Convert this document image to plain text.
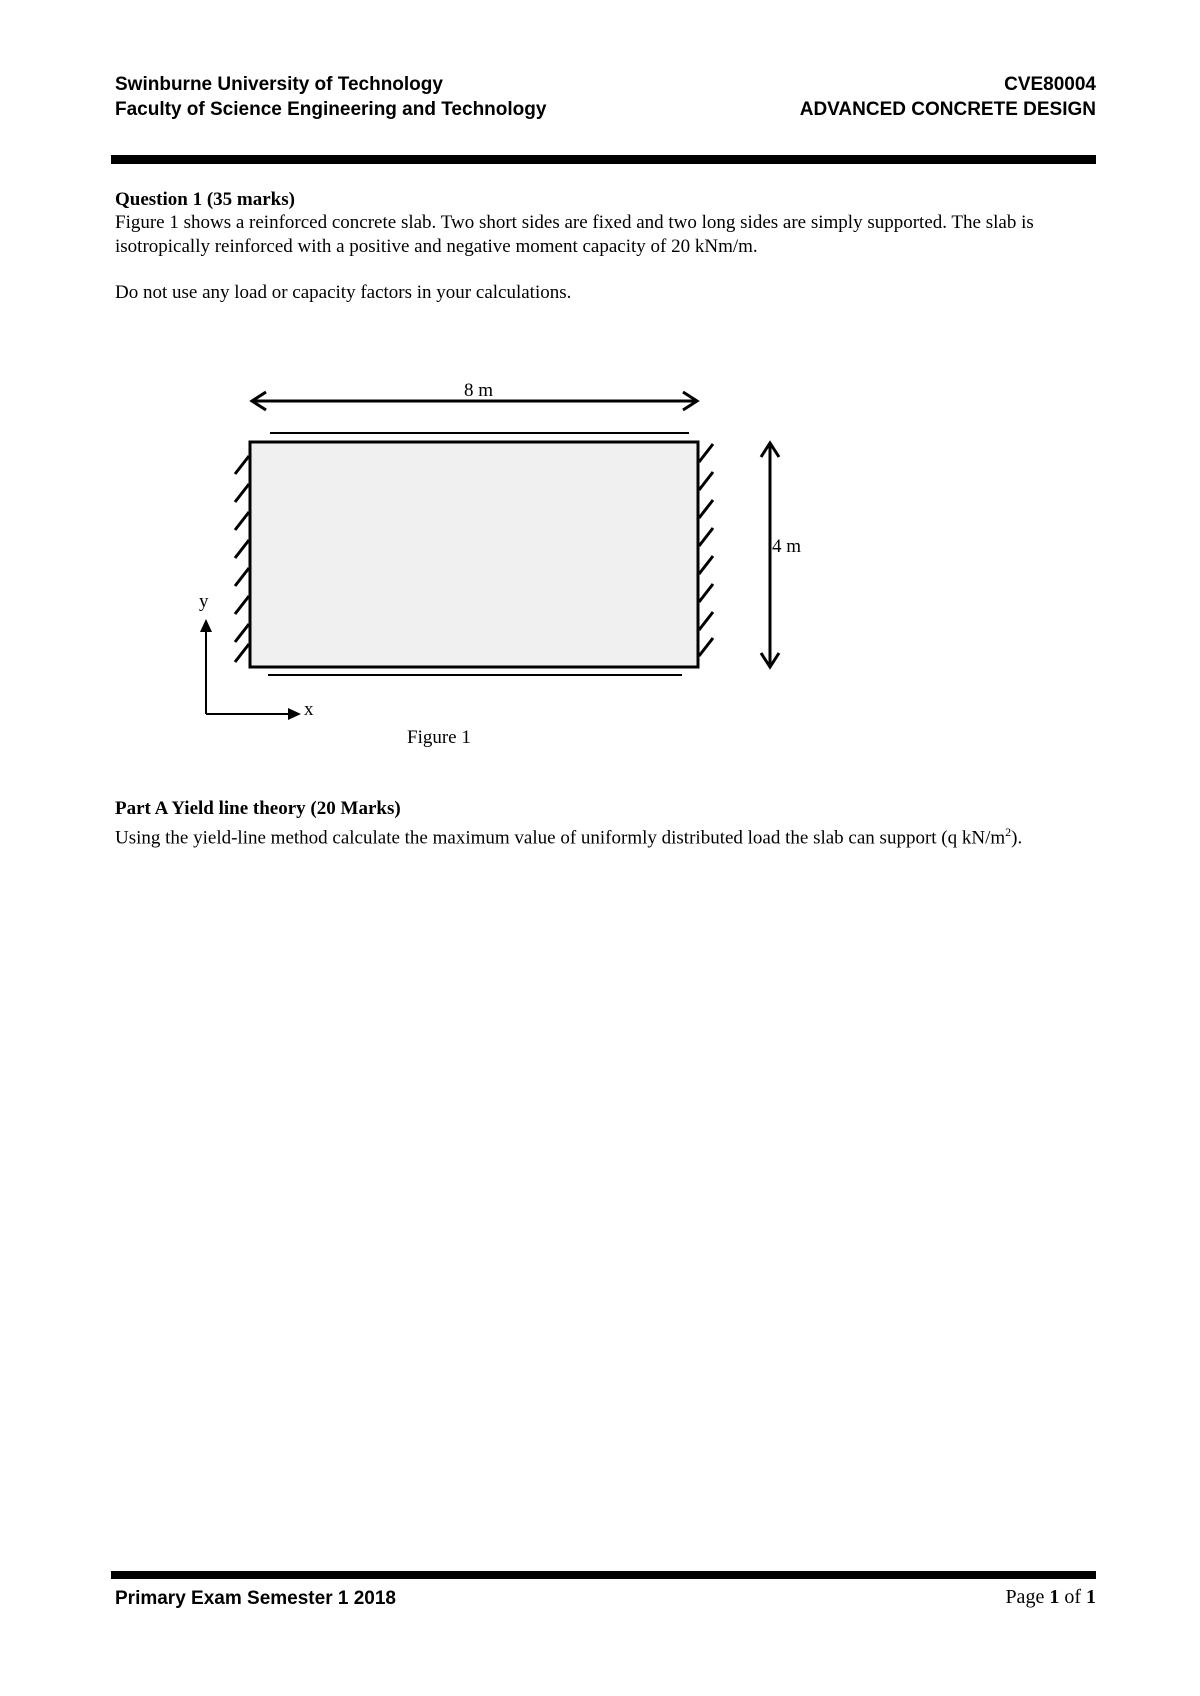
Swinburne University of Technology
Faculty of Science Engineering and Technology
CVE80004
ADVANCED CONCRETE DESIGN
Question 1 (35 marks)
Figure 1 shows a reinforced concrete slab. Two short sides are fixed and two long sides are simply supported. The slab is isotropically reinforced with a positive and negative moment capacity of 20 kNm/m.
Do not use any load or capacity factors in your calculations.
8 m
4 m
y
x
Figure 1
Part A Yield line theory (20 Marks)
Using the yield-line method calculate the maximum value of uniformly distributed load the slab can support (q $kN/m^2$).
Primary Exam Semester 1 2018	Page 1 of 1
